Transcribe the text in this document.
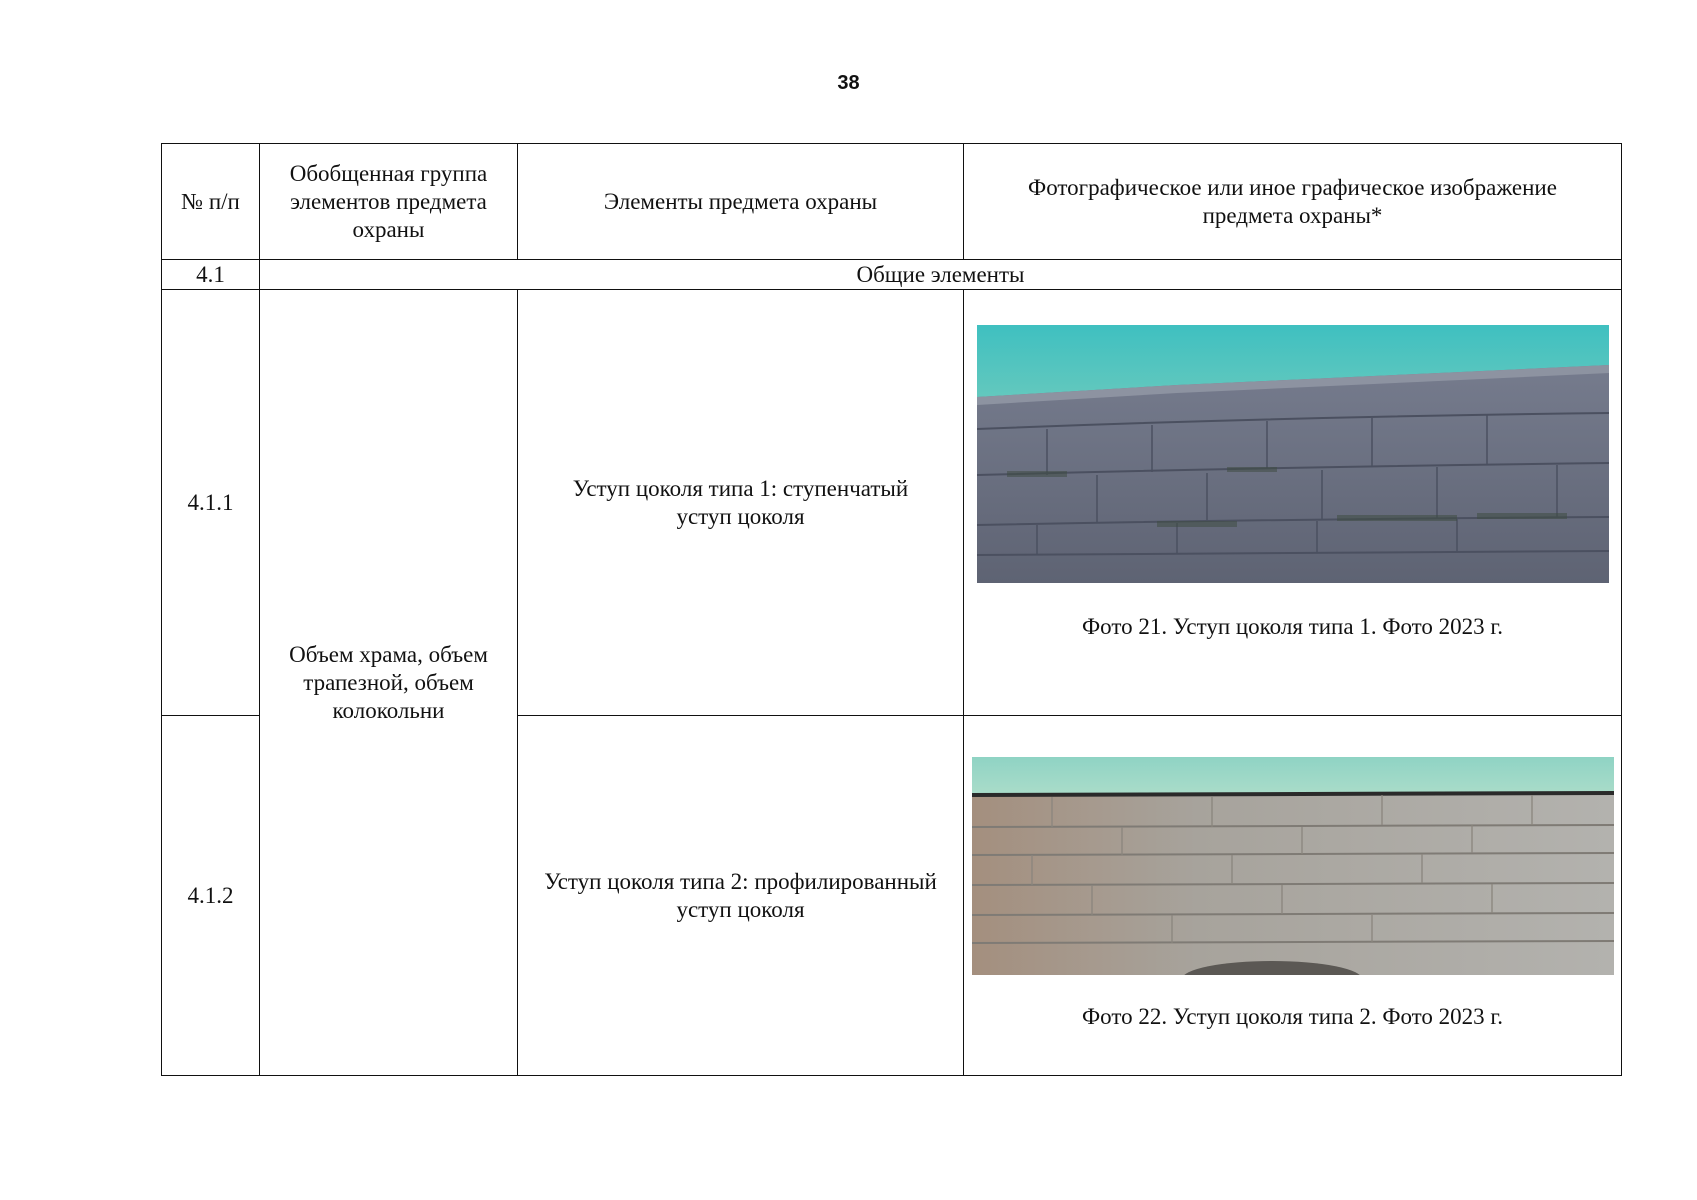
38
№ п/п	Обобщенная группа элементов предмета охраны	Элементы предмета охраны	Фотографическое или иное графическое изображение предмета охраны*
4.1	Общие элементы		
4.1.1	Объем храма, объем трапезной, объем колокольни	Уступ цоколя типа 1: ступенчатый уступ цоколя	Фото 21. Уступ цоколя типа 1. Фото 2023 г.

4.1.2		Уступ цоколя типа 2: профилированный уступ цоколя	Фото 22. Уступ цоколя типа 2. Фото 2023 г.
